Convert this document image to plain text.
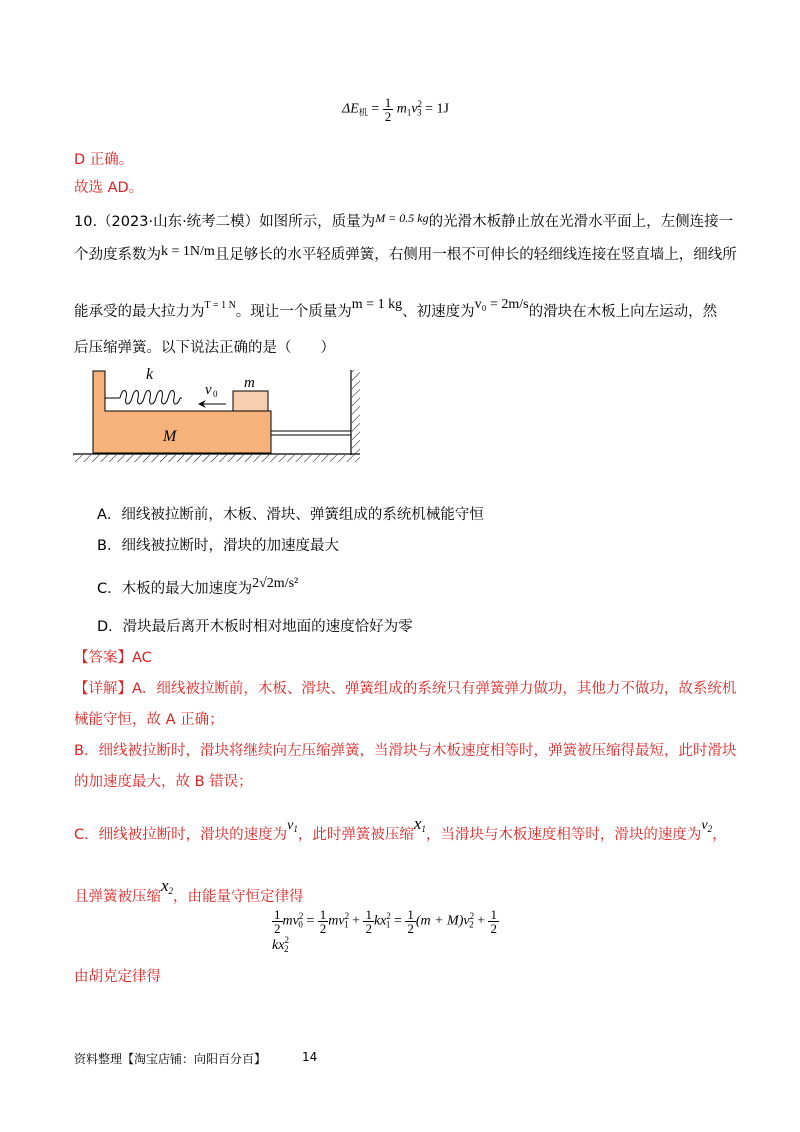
$\Delta E_机 = \frac{1}{2} m_1v^2_3 = 1J$
D 正确。
故选 AD。
10.（2023·山东·统考二模）如图所示，质量为$^{M = 0.5 kg}$的光滑木板静止放在光滑水平面上，左侧连接一
个劲度系数为k = 1N/m且足够长的水平轻质弹簧，右侧用一根不可伸长的轻细线连接在竖直墙上，细线所
能承受的最大拉力为$^{T = 1 N}$。现让一个质量为m = 1 kg、初速度为v₀ = 2m/s的滑块在木板上向左运动，然
后压缩弹簧。以下说法正确的是（　　）
k
v 0
m
M
A．细线被拉断前，木板、滑块、弹簧组成的系统机械能守恒
B．细线被拉断时，滑块的加速度最大
C．木板的最大加速度为2√2m/s²
D．滑块最后离开木板时相对地面的速度恰好为零
【答案】AC
【详解】A．细线被拉断前，木板、滑块、弹簧组成的系统只有弹簧弹力做功，其他力不做功，故系统机
械能守恒，故 A 正确；
B．细线被拉断时，滑块将继续向左压缩弹簧，当滑块与木板速度相等时，弹簧被压缩得最短，此时滑块
的加速度最大，故 B 错误；
C．细线被拉断时，滑块的速度为$v_1$，此时弹簧被压缩$x_1$，当滑块与木板速度相等时，滑块的速度为$v_2$，
且弹簧被压缩$x_2$，由能量守恒定律得
$\frac{1}{2} mv^2_0 = \frac{1}{2} mv^2_1 + \frac{1}{2} kx^2_1 = \frac{1}{2} (m + M)v^2_2 + \frac{1}{2}$
$kx^2_2$
由胡克定律得
资料整理【淘宝店铺：向阳百分百】	14
